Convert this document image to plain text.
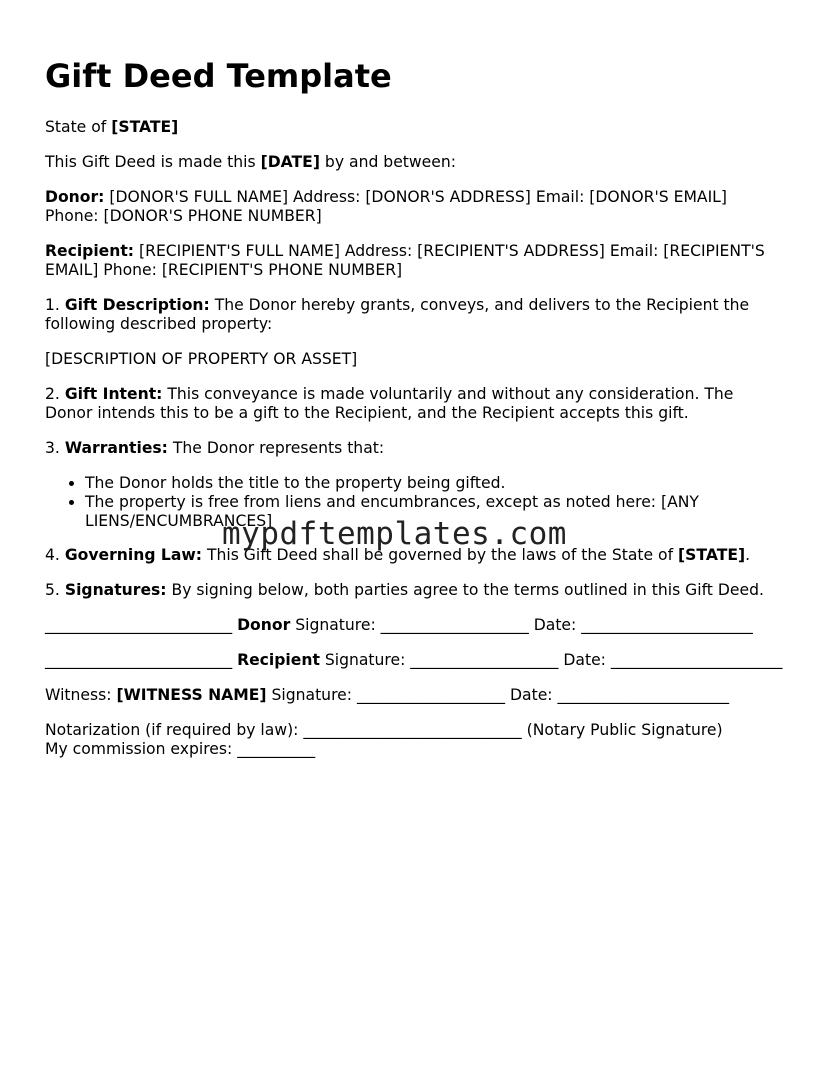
Gift Deed Template

State of [STATE]

This Gift Deed is made this [DATE] by and between:

Donor: [DONOR'S FULL NAME] Address: [DONOR'S ADDRESS] Email: [DONOR'S EMAIL] Phone: [DONOR'S PHONE NUMBER]

Recipient: [RECIPIENT'S FULL NAME] Address: [RECIPIENT'S ADDRESS] Email: [RECIPIENT'S EMAIL] Phone: [RECIPIENT'S PHONE NUMBER]

1. Gift Description: The Donor hereby grants, conveys, and delivers to the Recipient the following described property:

[DESCRIPTION OF PROPERTY OR ASSET]

2. Gift Intent: This conveyance is made voluntarily and without any consideration. The Donor intends this to be a gift to the Recipient, and the Recipient accepts this gift.

3. Warranties: The Donor represents that:

• The Donor holds the title to the property being gifted.
• The property is free from liens and encumbrances, except as noted here: [ANY LIENS/ENCUMBRANCES]

4. Governing Law: This Gift Deed shall be governed by the laws of the State of [STATE].

5. Signatures: By signing below, both parties agree to the terms outlined in this Gift Deed.

________________________ Donor Signature: ___________________ Date: ______________________

________________________ Recipient Signature: ___________________ Date: ______________________

Witness: [WITNESS NAME] Signature: ___________________ Date: ______________________

Notarization (if required by law): ____________________________ (Notary Public Signature)
My commission expires: __________

mypdftemplates.com
